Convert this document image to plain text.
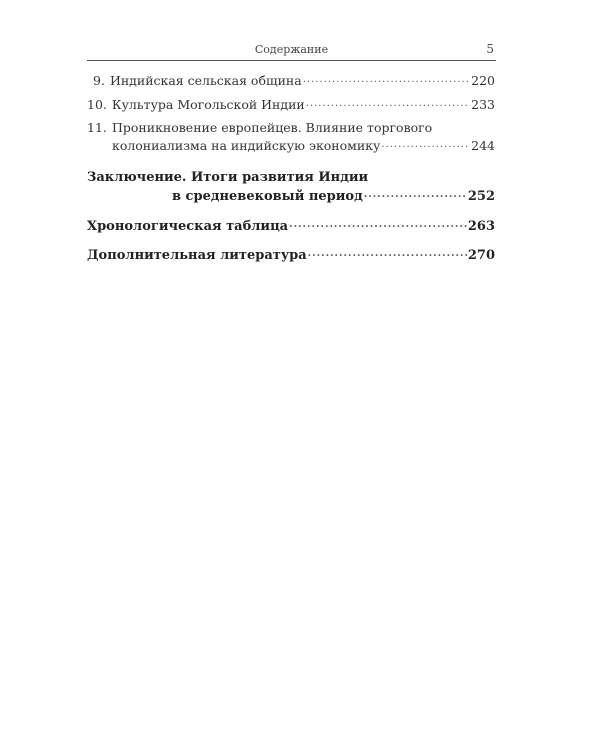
Содержание	5
9. Индийская сельская община .....	220
10. Культура Могольской Индии .....	233
11. Проникновение европейцев. Влияние торгового
колониализма на индийскую экономику .....	244
Заключение. Итоги развития Индии
в средневековый период .....	252
Хронологическая таблица .....	263
Дополнительная литература .....	270
